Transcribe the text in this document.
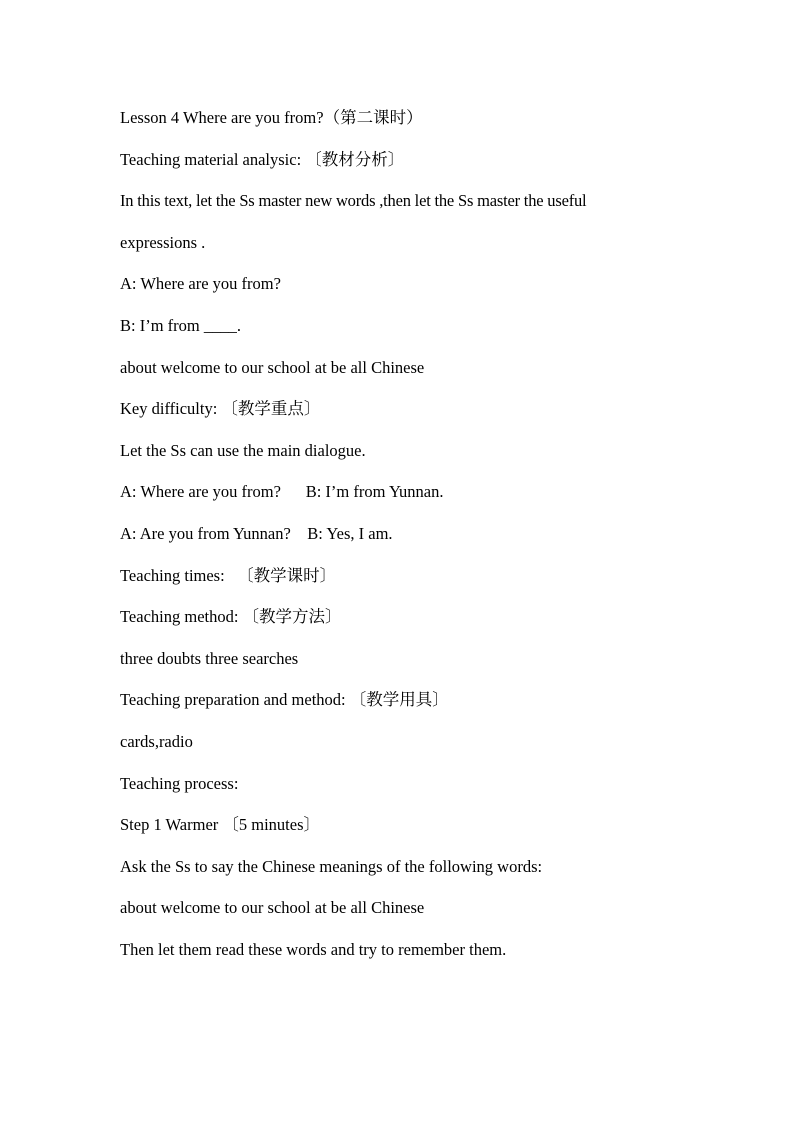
Lesson 4 Where are you from?（第二课时）
Teaching material analysic: 〔教材分析〕
In this text, let the Ss master new words ,then let the Ss master the useful
expressions .
A: Where are you from?
B: I’m from ____.
about welcome to our school at be all Chinese
Key difficulty: 〔教学重点〕
Let the Ss can use the main dialogue.
A: Where are you from?      B: I’m from Yunnan.
A: Are you from Yunnan?    B: Yes, I am.
Teaching times:   〔教学课时〕
Teaching method: 〔教学方法〕
three doubts three searches
Teaching preparation and method: 〔教学用具〕
cards,radio
Teaching process:
Step 1 Warmer 〔5 minutes〕
Ask the Ss to say the Chinese meanings of the following words:
about welcome to our school at be all Chinese
Then let them read these words and try to remember them.
